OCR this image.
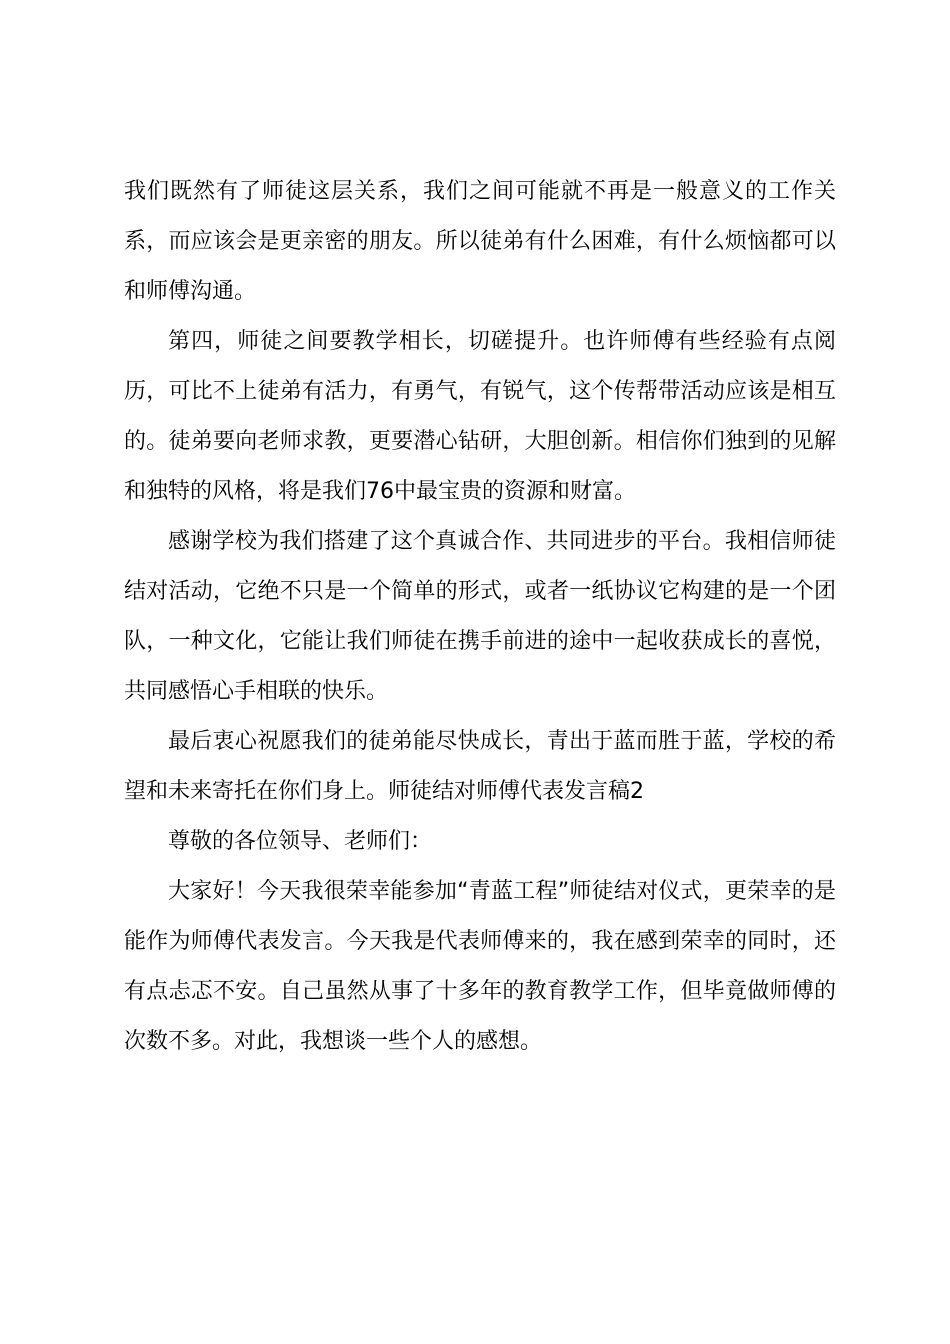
我们既然有了师徒这层关系，我们之间可能就不再是一般意义的工作关系，而应该会是更亲密的朋友。所以徒弟有什么困难，有什么烦恼都可以和师傅沟通。

第四，师徒之间要教学相长，切磋提升。也许师傅有些经验有点阅历，可比不上徒弟有活力，有勇气，有锐气，这个传帮带活动应该是相互的。徒弟要向老师求教，更要潜心钻研，大胆创新。相信你们独到的见解和独特的风格，将是我们76中最宝贵的资源和财富。

感谢学校为我们搭建了这个真诚合作、共同进步的平台。我相信师徒结对活动，它绝不只是一个简单的形式，或者一纸协议它构建的是一个团队，一种文化，它能让我们师徒在携手前进的途中一起收获成长的喜悦，共同感悟心手相联的快乐。

最后衷心祝愿我们的徒弟能尽快成长，青出于蓝而胜于蓝，学校的希望和未来寄托在你们身上。师徒结对师傅代表发言稿2

尊敬的各位领导、老师们：

大家好！今天我很荣幸能参加“青蓝工程”师徒结对仪式，更荣幸的是能作为师傅代表发言。今天我是代表师傅来的，我在感到荣幸的同时，还有点忐忑不安。自己虽然从事了十多年的教育教学工作，但毕竟做师傅的次数不多。对此，我想谈一些个人的感想。
